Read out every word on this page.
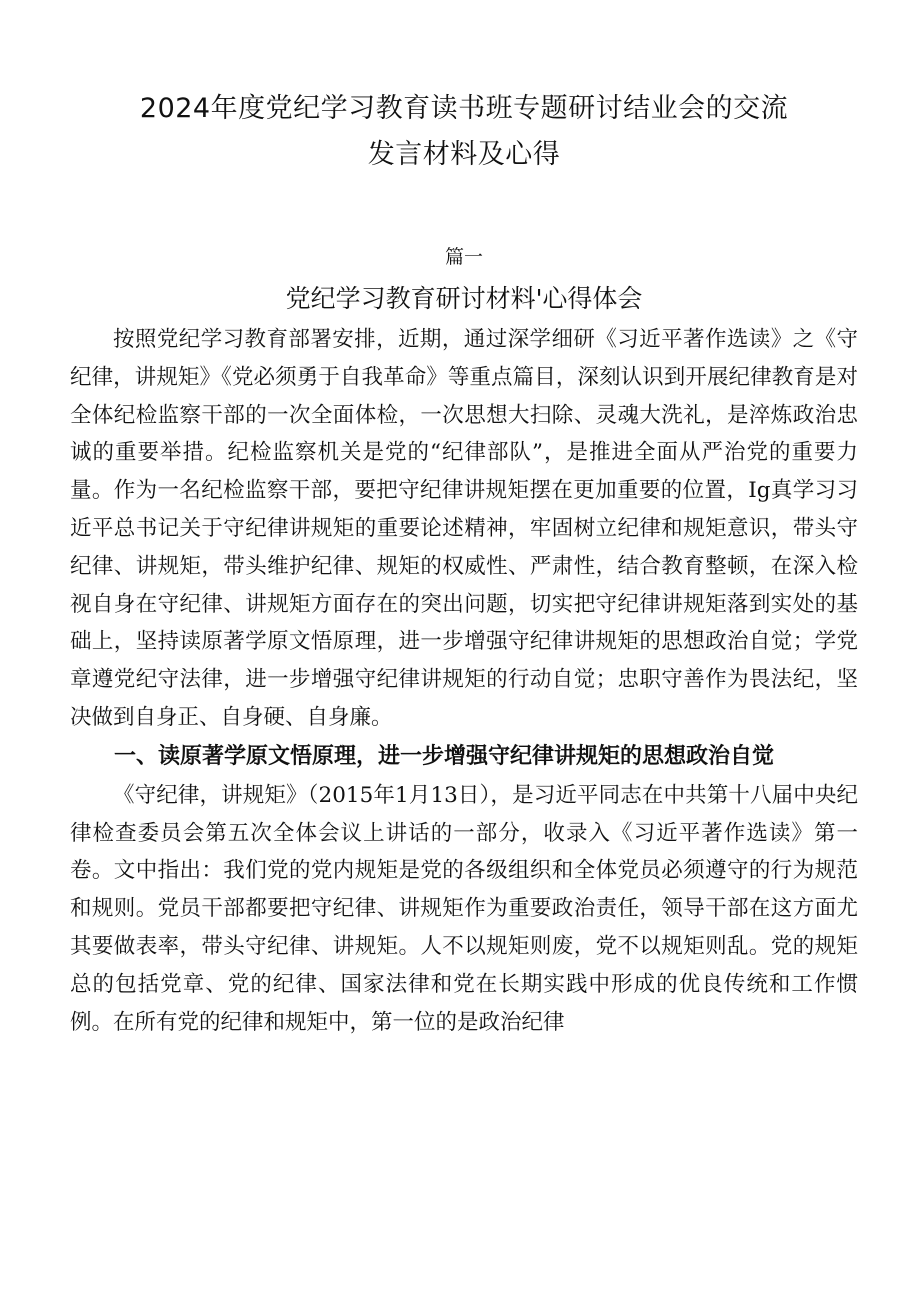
2024年度党纪学习教育读书班专题研讨结业会的交流
发言材料及心得

篇一

党纪学习教育研讨材料'心得体会

按照党纪学习教育部署安排，近期，通过深学细研《习近平著作选读》之《守纪律，讲规矩》《党必须勇于自我革命》等重点篇目，深刻认识到开展纪律教育是对全体纪检监察干部的一次全面体检，一次思想大扫除、灵魂大洗礼，是淬炼政治忠诚的重要举措。纪检监察机关是党的“纪律部队”，是推进全面从严治党的重要力量。作为一名纪检监察干部，要把守纪律讲规矩摆在更加重要的位置，Ig真学习习近平总书记关于守纪律讲规矩的重要论述精神，牢固树立纪律和规矩意识，带头守纪律、讲规矩，带头维护纪律、规矩的权威性、严肃性，结合教育整顿，在深入检视自身在守纪律、讲规矩方面存在的突出问题，切实把守纪律讲规矩落到实处的基础上，坚持读原著学原文悟原理，进一步增强守纪律讲规矩的思想政治自觉；学党章遵党纪守法律，进一步增强守纪律讲规矩的行动自觉；忠职守善作为畏法纪，坚决做到自身正、自身硬、自身廉。

一、读原著学原文悟原理，进一步增强守纪律讲规矩的思想政治自觉

《守纪律，讲规矩》（2015年1月13日），是习近平同志在中共第十八届中央纪律检查委员会第五次全体会议上讲话的一部分，收录入《习近平著作选读》第一卷。文中指出：我们党的党内规矩是党的各级组织和全体党员必须遵守的行为规范和规则。党员干部都要把守纪律、讲规矩作为重要政治责任，领导干部在这方面尤其要做表率，带头守纪律、讲规矩。人不以规矩则废，党不以规矩则乱。党的规矩总的包括党章、党的纪律、国家法律和党在长期实践中形成的优良传统和工作惯例。在所有党的纪律和规矩中，第一位的是政治纪律
